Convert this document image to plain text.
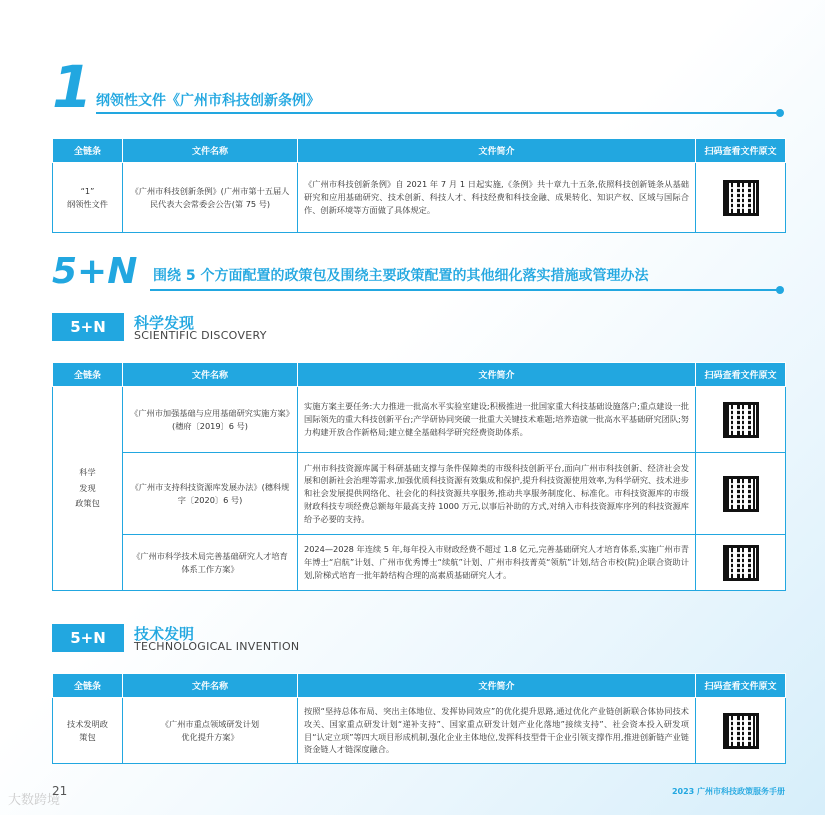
1 纲领性文件《广州市科技创新条例》
全链条	文件名称	文件简介	扫码查看文件原文
“1”
纲领性文件	《广州市科技创新条例》(广州市第十五届人民代表大会常委会公告(第 75 号)	《广州市科技创新条例》自 2021 年 7 月 1 日起实施,《条例》共十章九十五条,依照科技创新链条从基础研究和应用基础研究、技术创新、科技人才、科技经费和科技金融、成果转化、知识产权、区域与国际合作、创新环境等方面做了具体规定。	
5+N 围绕 5 个方面配置的政策包及围绕主要政策配置的其他细化落实措施或管理办法
5+N	科学发现
SCIENTIFIC DISCOVERY
全链条	文件名称	文件简介	扫码查看文件原文
科学
发现
政策包	《广州市加强基础与应用基础研究实施方案》(穗府〔2019〕6 号)	实施方案主要任务:大力推进一批高水平实验室建设;积极推进一批国家重大科技基础设施落户;重点建设一批国际领先的重大科技创新平台;产学研协同突破一批重大关键技术难题;培养造就一批高水平基础研究团队;努力构建开放合作新格局;建立健全基础科学研究经费资助体系。	

	《广州市支持科技资源库发展办法》(穗科规字〔2020〕6 号)	广州市科技资源库属于科研基础支撑与条件保障类的市级科技创新平台,面向广州市科技创新、经济社会发展和创新社会治理等需求,加强优质科技资源有效集成和保护,提升科技资源使用效率,为科学研究、技术进步和社会发展提供网络化、社会化的科技资源共享服务,推动共享服务制度化、标准化。市科技资源库的市级财政科技专项经费总额每年最高支持 1000 万元,以事后补助的方式,对纳入市科技资源库序列的科技资源库给予必要的支持。	

	《广州市科学技术局完善基础研究人才培育体系工作方案》	2024—2028 年连续 5 年,每年投入市财政经费不超过 1.8 亿元,完善基础研究人才培育体系,实施广州市青年博士“启航”计划、广州市优秀博士“续航”计划、广州市科技菁英“领航”计划,结合市校(院)企联合资助计划,阶梯式培育一批年龄结构合理的高素质基础研究人才。	
5+N	技术发明
TECHNOLOGICAL INVENTION
全链条	文件名称	文件简介	扫码查看文件原文
技术发明政
策包	《广州市重点领域研发计划
优化提升方案》	按照“坚持总体布局、突出主体地位、发挥协同效应”的优化提升思路,通过优化产业链创新联合体协同技术攻关、国家重点研发计划“递补支持”、国家重点研发计划产业化落地”接续支持”、社会资本投入研发项目“认定立项”等四大项目形成机制,强化企业主体地位,发挥科技型骨干企业引领支撑作用,推进创新链产业链资金链人才链深度融合。	
大数跨境
21	2023 广州市科技政策服务手册
